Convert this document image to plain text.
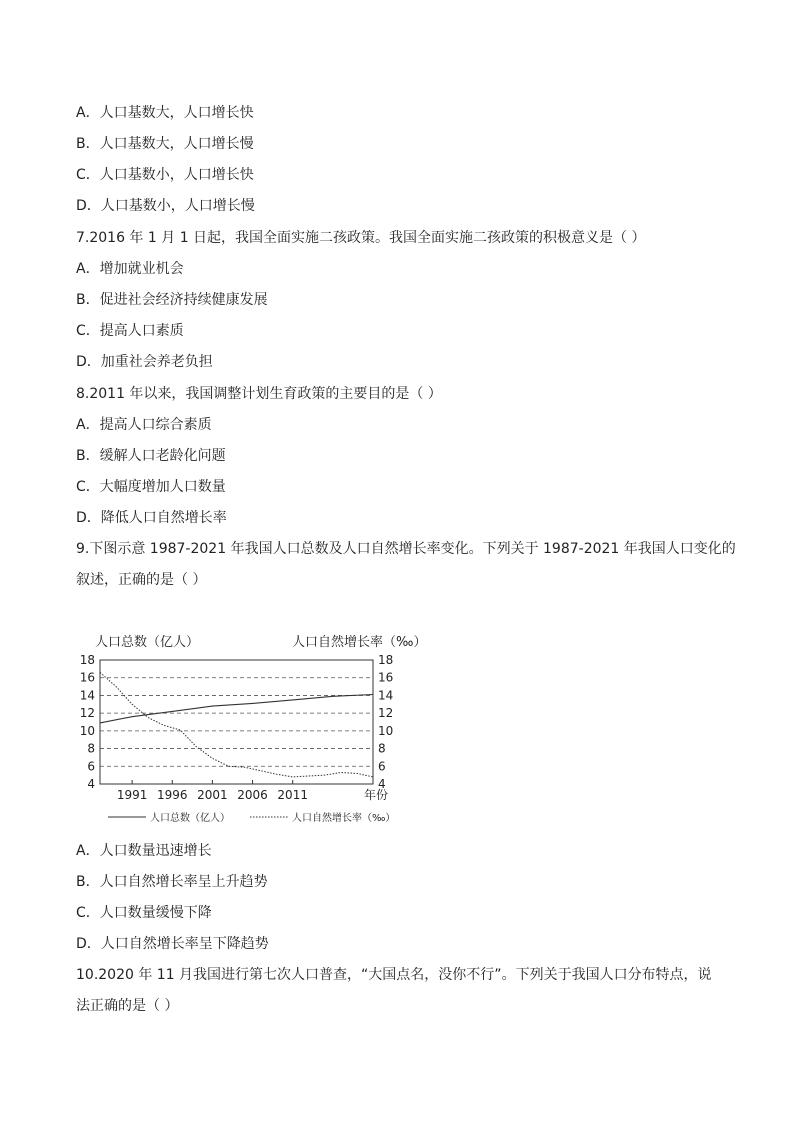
A．人口基数大，人口增长快
B．人口基数大，人口增长慢
C．人口基数小，人口增长快
D．人口基数小，人口增长慢
7.2016 年 1 月 1 日起，我国全面实施二孩政策。我国全面实施二孩政策的积极意义是（ ）
A．增加就业机会
B．促进社会经济持续健康发展
C．提高人口素质
D．加重社会养老负担
8.2011 年以来，我国调整计划生育政策的主要目的是（ ）
A．提高人口综合素质
B．缓解人口老龄化问题
C．大幅度增加人口数量
D．降低人口自然增长率
9.下图示意 1987-2021 年我国人口总数及人口自然增长率变化。下列关于 1987-2021 年我国人口变化的
叙述，正确的是（ ）
人口总数（亿人）	人口自然增长率（‰）
年份
4	4
6	6
8	8
10	10
12	12
14	14
16	16
18	18
1991 1996 2001 2006 2011
人口总数（亿人）	人口自然增长率（‰）
A．人口数量迅速增长
B．人口自然增长率呈上升趋势
C．人口数量缓慢下降
D．人口自然增长率呈下降趋势
10.2020 年 11 月我国进行第七次人口普查，“大国点名，没你不行”。下列关于我国人口分布特点，说
法正确的是（ ）
